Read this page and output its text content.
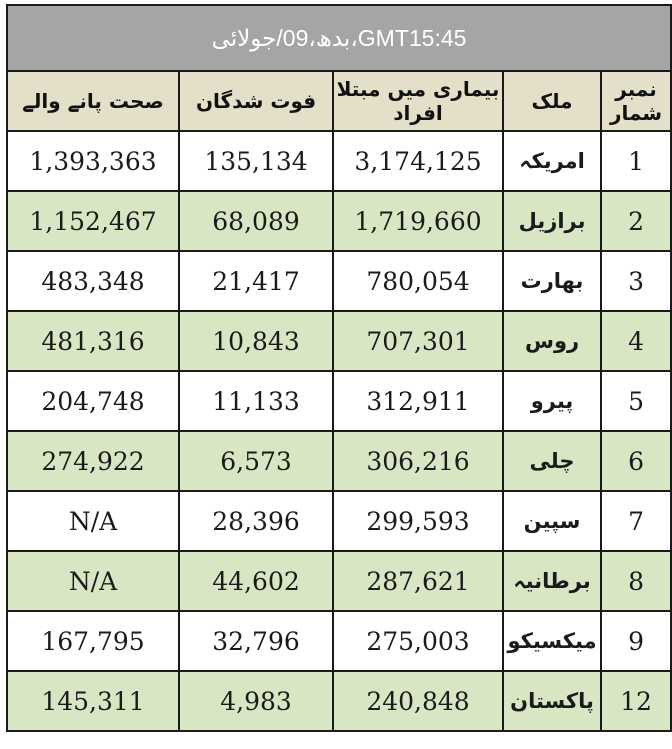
GMT15:45،بدھ،09/جولائی				
نمبر شمار	ملک	بیماری میں مبتلا افراد	فوت شدگان	صحت پانے والے
1	امریکہ	3,174,125	135,134	1,393,363
2	برازیل	1,719,660	68,089	1,152,467
3	بھارت	780,054	21,417	483,348
4	روس	707,301	10,843	481,316
5	پیرو	312,911	11,133	204,748
6	چلی	306,216	6,573	274,922
7	سپین	299,593	28,396	N/A
8	برطانیہ	287,621	44,602	N/A
9	میکسیکو	275,003	32,796	167,795
12	پاکستان	240,848	4,983	145,311
